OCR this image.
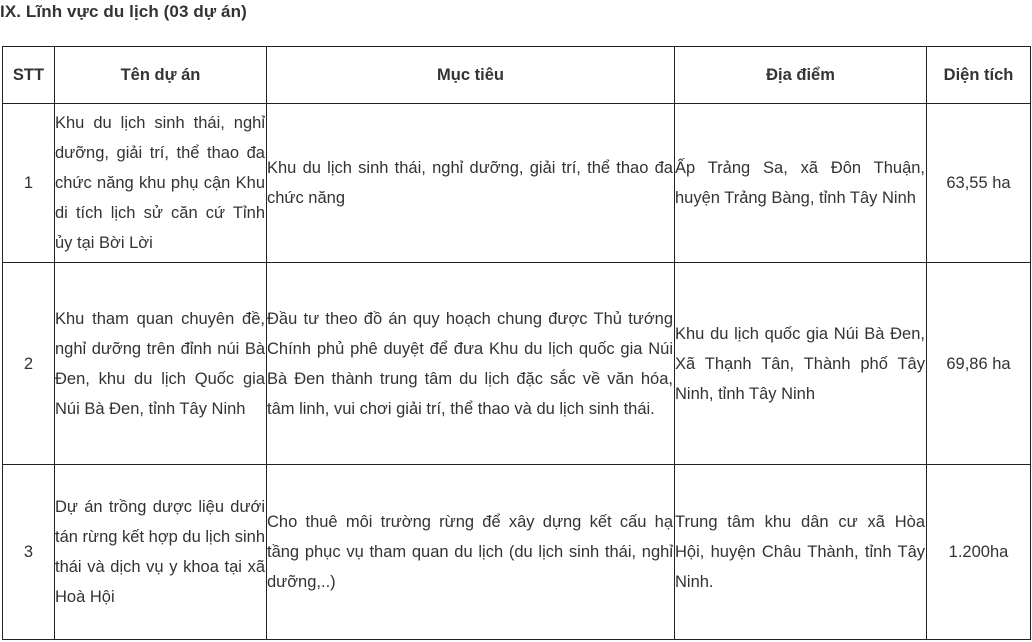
IX. Lĩnh vực du lịch (03 dự án)
STT	Tên dự án	Mục tiêu	Địa điểm	Diện tích
1	Khu du lịch sinh thái, nghỉ dưỡng, giải trí, thể thao đa chức năng khu phụ cận Khu di tích lịch sử căn cứ Tỉnh ủy tại Bời Lời	Khu du lịch sinh thái, nghỉ dưỡng, giải trí, thể thao đa chức năng	Ấp Trảng Sa, xã Đôn Thuận, huyện Trảng Bàng, tỉnh Tây Ninh	63,55 ha
2	Khu tham quan chuyên đề, nghỉ dưỡng trên đỉnh núi Bà Đen, khu du lịch Quốc gia Núi Bà Đen, tỉnh Tây Ninh	Đầu tư theo đồ án quy hoạch chung được Thủ tướng Chính phủ phê duyệt để đưa Khu du lịch quốc gia Núi Bà Đen thành trung tâm du lịch đặc sắc về văn hóa, tâm linh, vui chơi giải trí, thể thao và du lịch sinh thái.	Khu du lịch quốc gia Núi Bà Đen, Xã Thạnh Tân, Thành phố Tây Ninh, tỉnh Tây Ninh	69,86 ha
3	Dự án trồng dược liệu dưới tán rừng kết hợp du lịch sinh thái và dịch vụ y khoa tại xã Hoà Hội	Cho thuê môi trường rừng để xây dựng kết cấu hạ tầng phục vụ tham quan du lịch (du lịch sinh thái, nghỉ dưỡng,..)	Trung tâm khu dân cư xã Hòa Hội, huyện Châu Thành, tỉnh Tây Ninh.	1.200ha
